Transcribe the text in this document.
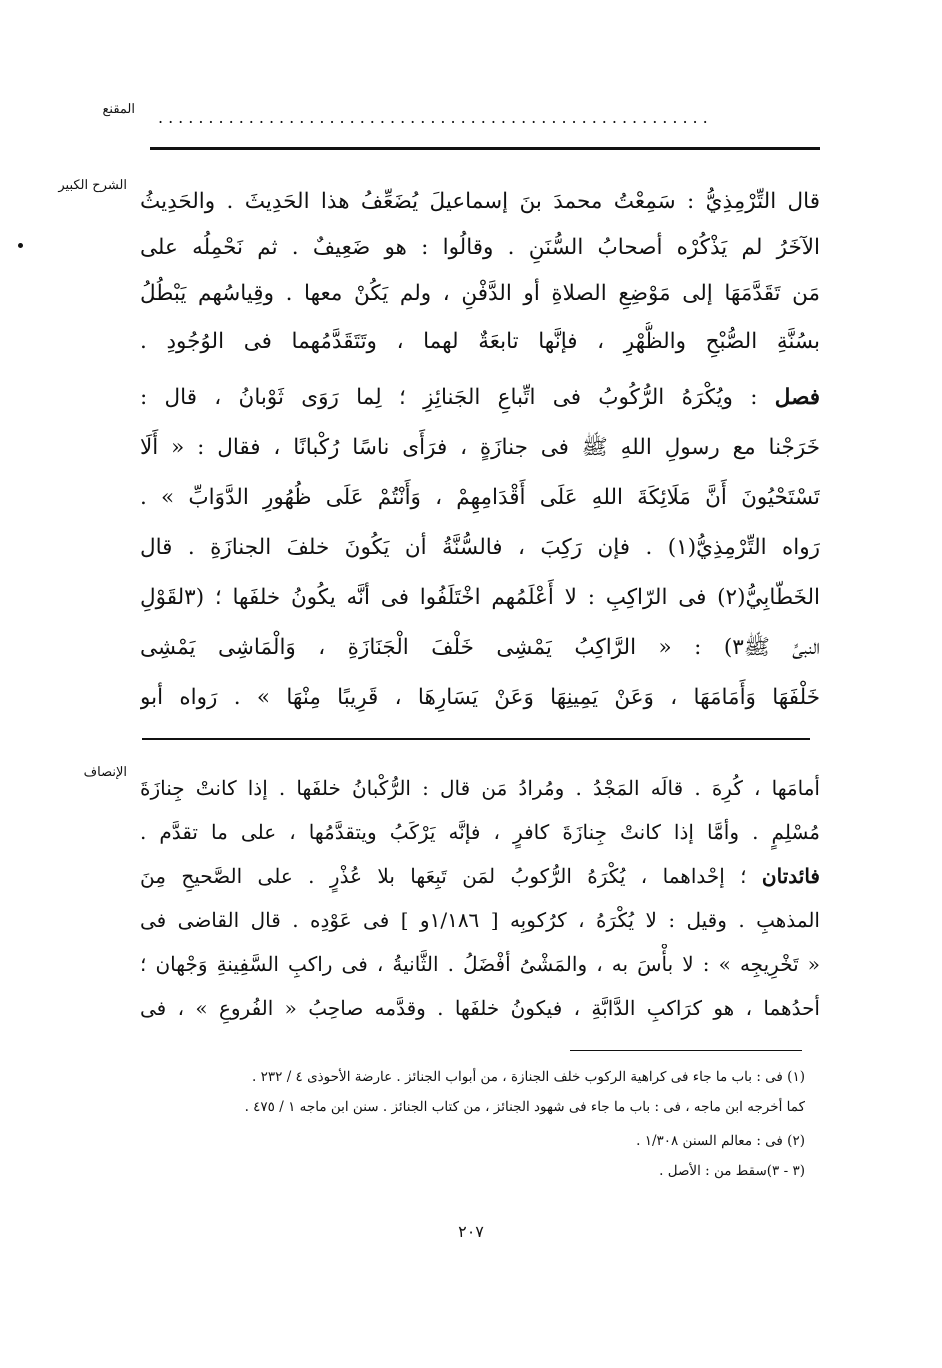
المقنع .......................................................
الشرح الكبير
قال التِّرْمِذِيُّ : سَمِعْتُ محمدَ بنَ إسماعيلَ يُضَعِّفُ هذا الحَدِيثَ . والحَدِيثُ
الآخَرُ لم يَذْكُرْه أصحابُ السُّنَنِ . وقالُوا : هو ضَعِيفٌ . ثم نَحْمِلُه على
مَن تَقَدَّمَهَا إلى مَوْضِعِ الصلاةِ أو الدَّفْنِ ، ولم يَكُنْ معها . وقِياسُهم يَبْطُلُ
بسُنَّةِ الصُّبْحِ والظُّهْرِ ، فإنَّها تابعَةٌ لهما ، وتَتَقَدَّمُهما فى الوُجُودِ .
فصل : ويُكْرَهُ الرُّكُوبُ فى اتِّباعِ الجَنائِزِ ؛ لِما رَوَى ثَوْبانُ ، قال :
خَرَجْنا مع رسولِ اللهِ ﷺ فى جنازَةٍ ، فرَأَى ناسًا رُكْبانًا ، فقال : « أَلَا
تَسْتَحْيُونَ أَنَّ مَلَائِكَةَ اللهِ عَلَى أَقْدَامِهِمْ ، وَأَنْتُمْ عَلَى ظُهُورِ الدَّوَابِّ » .
رَواه التِّرْمِذِيُّ(١) . فإن رَكِبَ ، فالسُّنَّةُ أن يَكُونَ خلفَ الجنازَةِ . قال
الخَطّابِيُّ(٢) فى الرّاكِبِ : لا أَعْلَمُهم اخْتَلَفُوا فى أنَّه يكُونُ خلفَها ؛ (٣لقَوْلِ
النبىِّ ﷺ٣) : « الرَّاكِبُ يَمْشِى خَلْفَ الْجَنَازَةِ ، وَالْمَاشِى يَمْشِى
خَلْفَهَا وَأَمَامَهَا ، وَعَنْ يَمِينِهَا وَعَنْ يَسَارِهَا ، قَرِيبًا مِنْهَا » . رَواه أبو
الإنصاف
أمامَها ، كُرِهَ . قالَه المَجْدُ . ومُرادُ مَن قال : الرُّكْبانُ خلفَها . إذا كانتْ جِنازَةَ
مُسْلِمٍ . وأمَّا إذا كانتْ جِنازَةَ كافرٍ ، فإنَّه يَرْكَبُ ويتقدَّمُها ، على ما تقدَّم .
فائدتان ؛ إحْداهما ، يُكْرَهُ الرُّكوبُ لمَن تَبِعَها بلا عُذْرٍ . على الصَّحيحِ مِنَ
المذهبِ . وقيل : لا يُكْرَهُ ، كرُكوبِه [ ١/١٨٦و ] فى عَوْدِه . قال القاضى فى
« تَخْرِيجِه » : لا بأْسَ به ، والمَشْىُ أفْضَلُ . الثَّانيةُ ، فى راكبِ السَّفِينةِ وَجْهان ؛
أحدُهما ، هو كرَاكبِ الدَّابَّةِ ، فيكونُ خلفَها . وقدَّمه صاحِبُ « الفُروعِ » ، فى
(١) فى : باب ما جاء فى كراهية الركوب خلف الجنازة ، من أبواب الجنائز . عارضة الأحوذى ٤ / ٢٣٢ .
كما أخرجه ابن ماجه ، فى : باب ما جاء فى شهود الجنائز ، من كتاب الجنائز . سنن ابن ماجه ١ / ٤٧٥ .
(٢) فى : معالم السنن ١/٣٠٨ .
(٣ - ٣)سقط من : الأصل .
٢٠٧
